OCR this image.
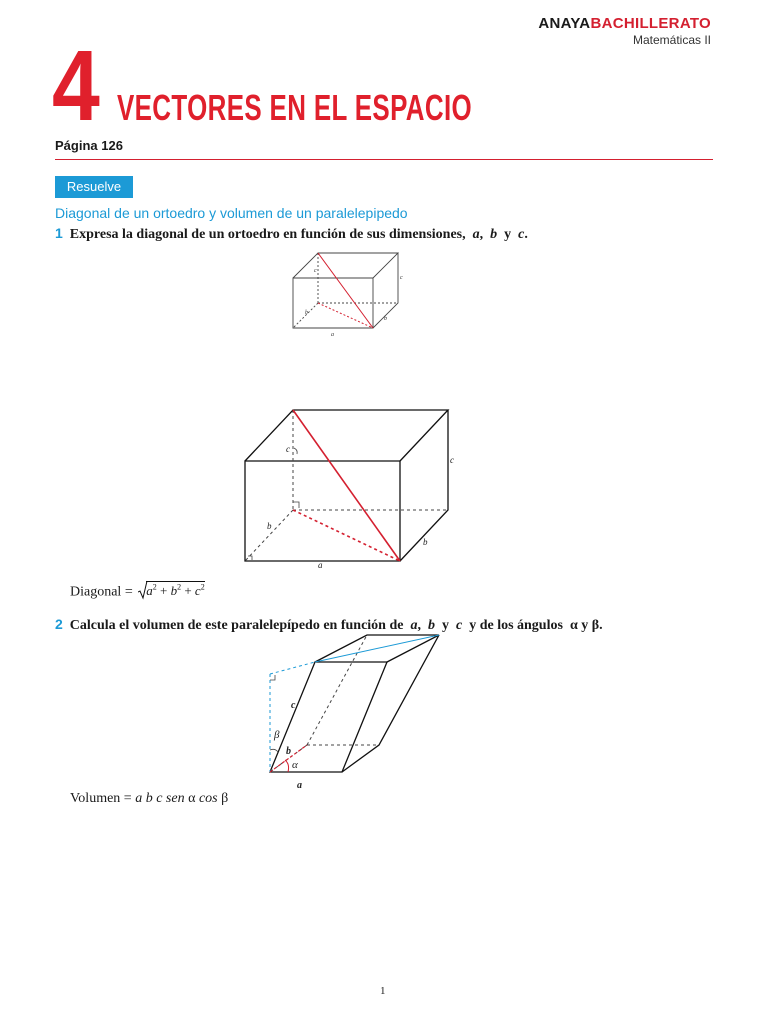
ANAYABACHILLERATO
Matemáticas II
4 VECTORES EN EL ESPACIO
Página 126
Resuelve
Diagonal de un ortoedro y volumen de un paralelepipedo
1 Expresa la diagonal de un ortoedro en función de sus dimensiones, a, b y c.
a
b
c
b
c
a
b
c
c
b
Diagonal = $a^2 + b^2 + c^2$
2 Calcula el volumen de este paralelepípedo en función de a, b y c y de los ángulos α y β.
a
b
c
α
β
Volumen = a b c sen α cos β
1
